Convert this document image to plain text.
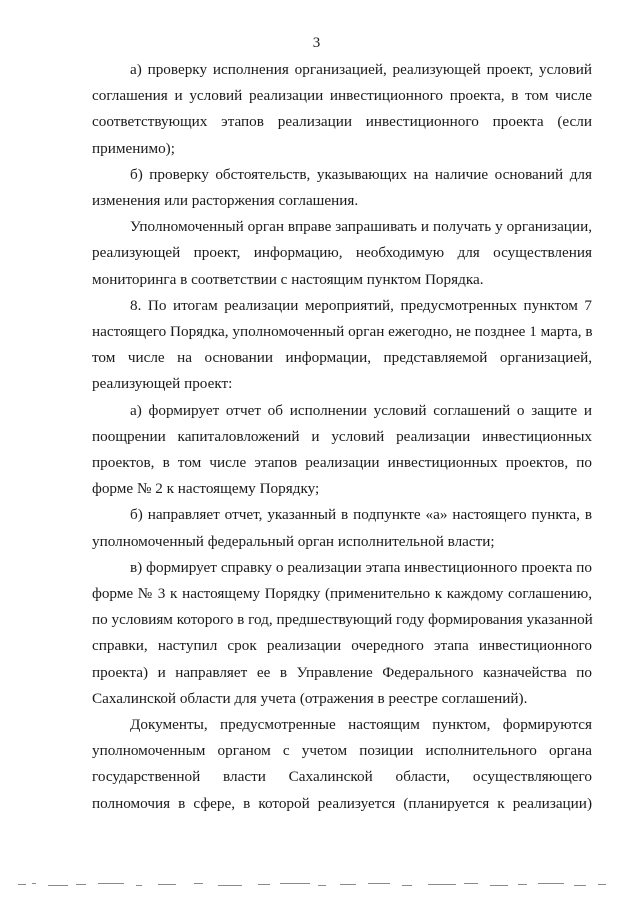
3
а) проверку исполнения организацией, реализующей проект, условий
соглашения и условий реализации инвестиционного проекта, в том числе
соответствующих этапов реализации инвестиционного проекта (если
применимо);
б) проверку обстоятельств, указывающих на наличие оснований для
изменения или расторжения соглашения.
Уполномоченный орган вправе запрашивать и получать у организации,
реализующей проект, информацию, необходимую для осуществления
мониторинга в соответствии с настоящим пунктом Порядка.
8. По итогам реализации мероприятий, предусмотренных пунктом 7
настоящего Порядка, уполномоченный орган ежегодно, не позднее 1 марта, в
том числе на основании информации, представляемой организацией,
реализующей проект:
а) формирует отчет об исполнении условий соглашений о защите и
поощрении капиталовложений и условий реализации инвестиционных
проектов, в том числе этапов реализации инвестиционных проектов, по
форме № 2 к настоящему Порядку;
б) направляет отчет, указанный в подпункте «а» настоящего пункта, в
уполномоченный федеральный орган исполнительной власти;
в) формирует справку о реализации этапа инвестиционного проекта по
форме № 3 к настоящему Порядку (применительно к каждому соглашению,
по условиям которого в год, предшествующий году формирования указанной
справки, наступил срок реализации очередного этапа инвестиционного
проекта) и направляет ее в Управление Федерального казначейства по
Сахалинской области для учета (отражения в реестре соглашений).
Документы, предусмотренные настоящим пунктом, формируются
уполномоченным органом с учетом позиции исполнительного органа
государственной власти Сахалинской области, осуществляющего
полномочия в сфере, в которой реализуется (планируется к реализации)
